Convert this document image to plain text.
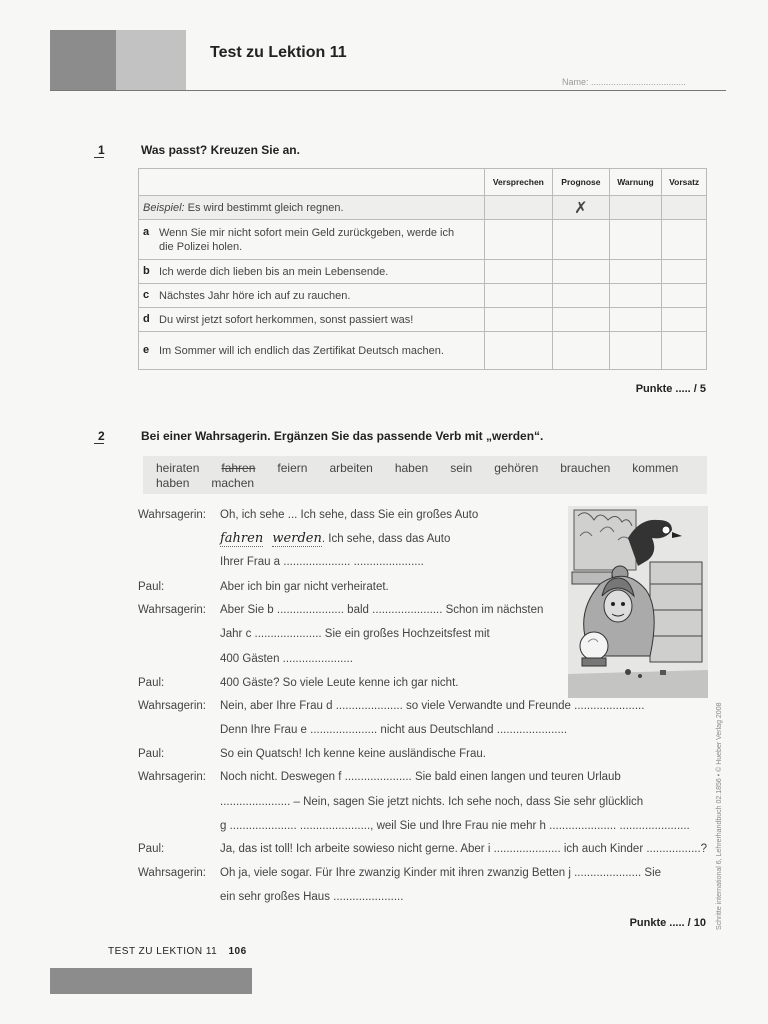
Test zu Lektion 11
Name: ......................................
1	Was passt? Kreuzen Sie an.
	Versprechen	Prognose	Warnung	Vorsatz
Beispiel: Es wird bestimmt gleich regnen.		✗		
a Wenn Sie mir nicht sofort mein Geld zurückgeben, werde ich die Polizei holen.				
b Ich werde dich lieben bis an mein Lebensende.				
c Nächstes Jahr höre ich auf zu rauchen.				
d Du wirst jetzt sofort herkommen, sonst passiert was!				
e Im Sommer will ich endlich das Zertifikat Deutsch machen.				
Punkte ..... / 5
2	Bei einer Wahrsagerin. Ergänzen Sie das passende Verb mit „werden“.
heiraten fahren feiern arbeiten haben sein gehören brauchen kommen
haben machen
Wahrsagerin: Oh, ich sehe ... Ich sehe, dass Sie ein großes Auto
fahren werden. Ich sehe, dass das Auto
Ihrer Frau a ..................... ......................
Paul:	Aber ich bin gar nicht verheiratet.
Wahrsagerin: Aber Sie b ..................... bald ...................... Schon im nächsten
Jahr c ..................... Sie ein großes Hochzeitsfest mit
400 Gästen ......................
Paul:	400 Gäste? So viele Leute kenne ich gar nicht.
Wahrsagerin: Nein, aber Ihre Frau d ..................... so viele Verwandte und Freunde ......................
Denn Ihre Frau e ..................... nicht aus Deutschland ......................
Paul:	So ein Quatsch! Ich kenne keine ausländische Frau.
Wahrsagerin: Noch nicht. Deswegen f ..................... Sie bald einen langen und teuren Urlaub
...................... – Nein, sagen Sie jetzt nichts. Ich sehe noch, dass Sie sehr glücklich
g ..................... ......................, weil Sie und Ihre Frau nie mehr h ..................... ......................
Paul:	Ja, das ist toll! Ich arbeite sowieso nicht gerne. Aber i ..................... ich auch Kinder .................?
Wahrsagerin: Oh ja, viele sogar. Für Ihre zwanzig Kinder mit ihren zwanzig Betten j ..................... Sie
ein sehr großes Haus ......................
Punkte ..... / 10 Schritte international 6, Lehrerhandbuch 02.1856 • © Hueber Verlag 2008
TEST ZU LEKTION 11 106
